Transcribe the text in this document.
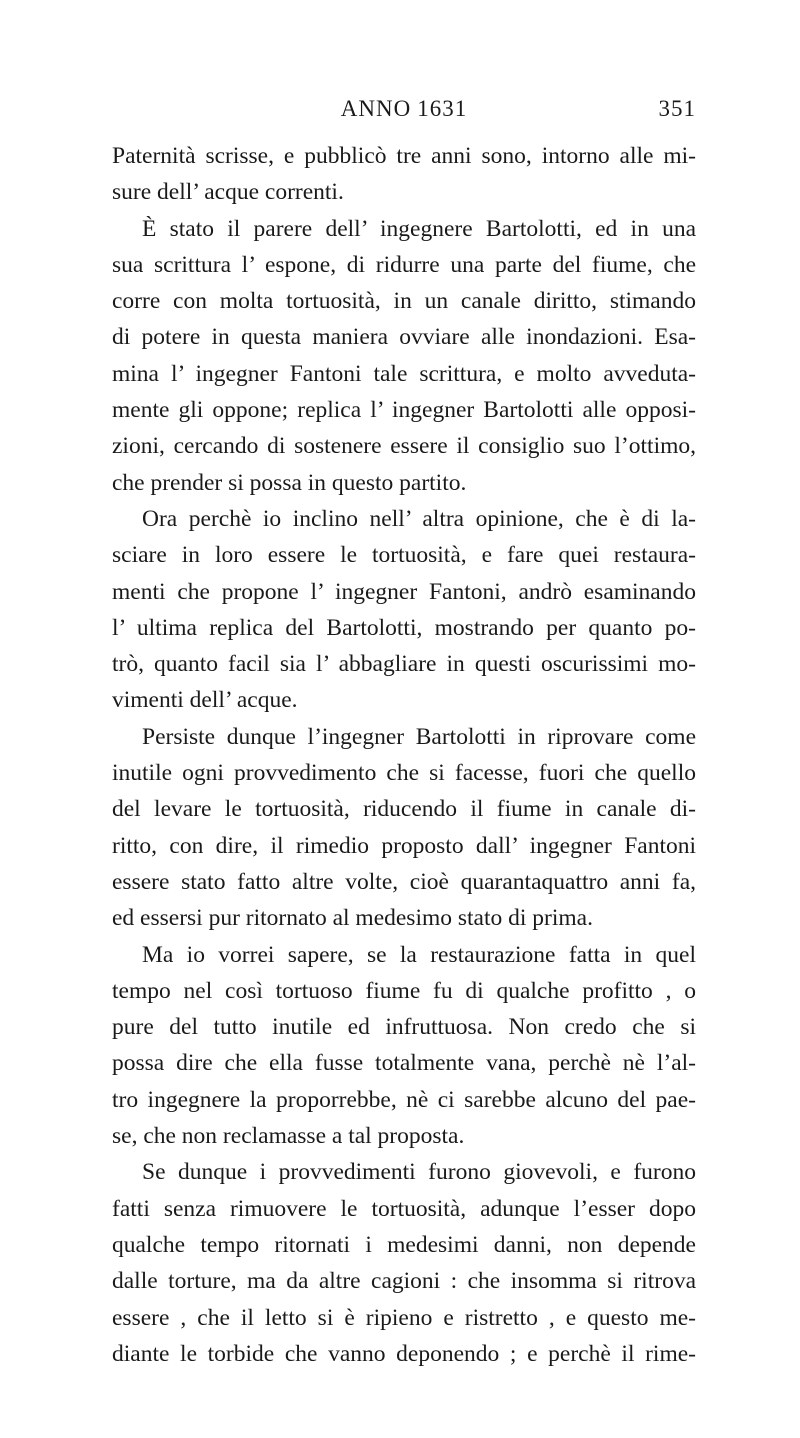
ANNO 1631	351
Paternità scrisse, e pubblicò tre anni sono, intorno alle mi-
sure dell’ acque correnti.
È stato il parere dell’ ingegnere Bartolotti, ed in una
sua scrittura l’ espone, di ridurre una parte del fiume, che
corre con molta tortuosità, in un canale diritto, stimando
di potere in questa maniera ovviare alle inondazioni. Esa-
mina l’ ingegner Fantoni tale scrittura, e molto avveduta-
mente gli oppone; replica l’ ingegner Bartolotti alle opposi-
zioni, cercando di sostenere essere il consiglio suo l’ottimo,
che prender si possa in questo partito.
Ora perchè io inclino nell’ altra opinione, che è di la-
sciare in loro essere le tortuosità, e fare quei restaura-
menti che propone l’ ingegner Fantoni, andrò esaminando
l’ ultima replica del Bartolotti, mostrando per quanto po-
trò, quanto facil sia l’ abbagliare in questi oscurissimi mo-
vimenti dell’ acque.
Persiste dunque l’ingegner Bartolotti in riprovare come
inutile ogni provvedimento che si facesse, fuori che quello
del levare le tortuosità, riducendo il fiume in canale di-
ritto, con dire, il rimedio proposto dall’ ingegner Fantoni
essere stato fatto altre volte, cioè quarantaquattro anni fa,
ed essersi pur ritornato al medesimo stato di prima.
Ma io vorrei sapere, se la restaurazione fatta in quel
tempo nel così tortuoso fiume fu di qualche profitto , o
pure del tutto inutile ed infruttuosa. Non credo che si
possa dire che ella fusse totalmente vana, perchè nè l’al-
tro ingegnere la proporrebbe, nè ci sarebbe alcuno del pae-
se, che non reclamasse a tal proposta.
Se dunque i provvedimenti furono giovevoli, e furono
fatti senza rimuovere le tortuosità, adunque l’esser dopo
qualche tempo ritornati i medesimi danni, non depende
dalle torture, ma da altre cagioni : che insomma si ritrova
essere , che il letto si è ripieno e ristretto , e questo me-
diante le torbide che vanno deponendo ; e perchè il rime-
